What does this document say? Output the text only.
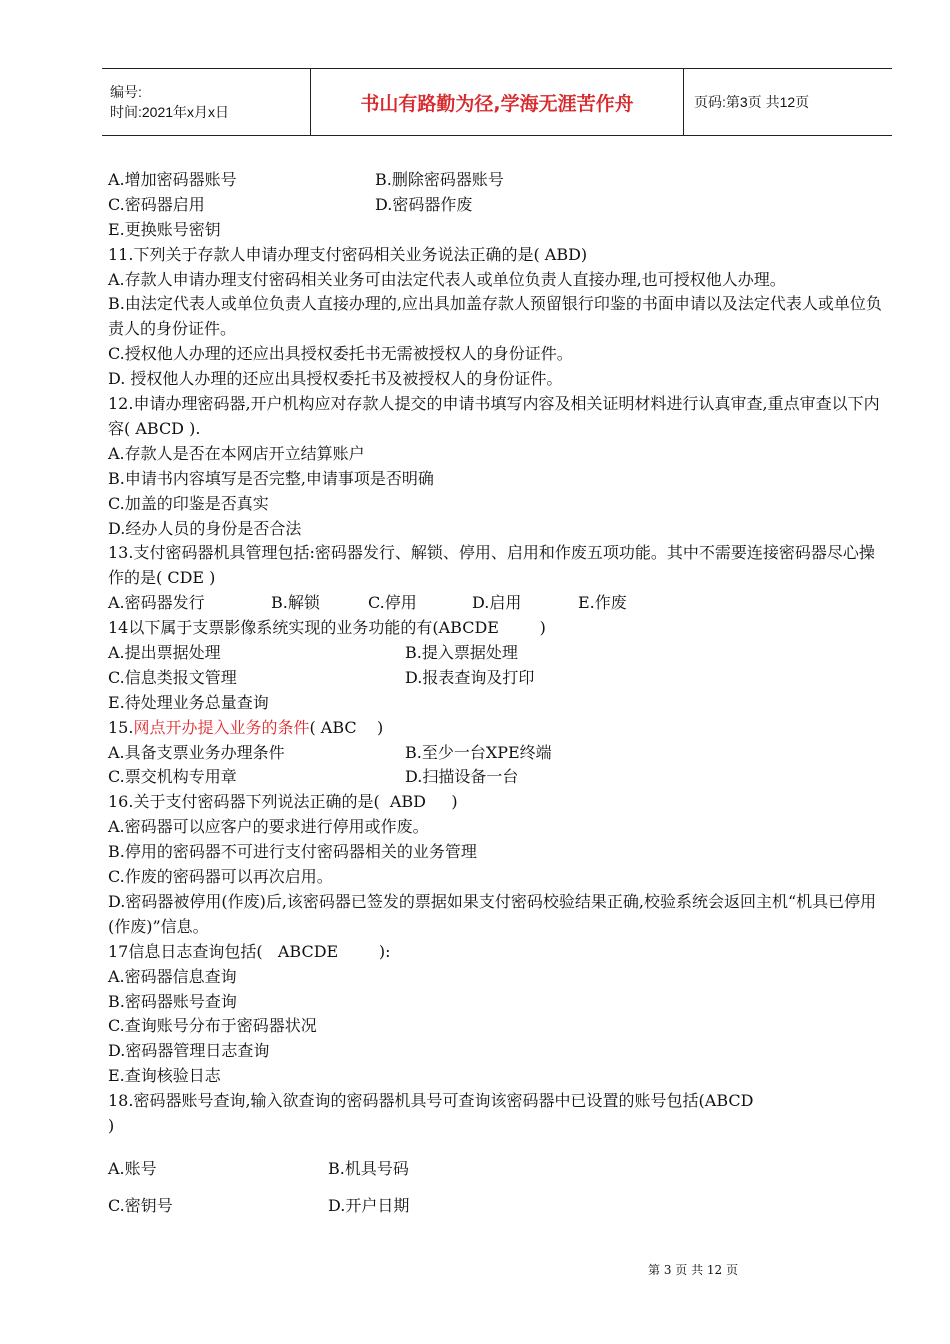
编号:
时间:2021年x月x日	书山有路勤为径,学海无涯苦作舟	页码:第3页 共12页
A.增加密码器账号	B.删除密码器账号
C.密码器启用	D.密码器作废
E.更换账号密钥
11.下列关于存款人申请办理支付密码相关业务说法正确的是( ABD)
A.存款人申请办理支付密码相关业务可由法定代表人或单位负责人直接办理,也可授权他人办理。
B.由法定代表人或单位负责人直接办理的,应出具加盖存款人预留银行印鉴的书面申请以及法定代表人或单位负责人的身份证件。
C.授权他人办理的还应出具授权委托书无需被授权人的身份证件。
D. 授权他人办理的还应出具授权委托书及被授权人的身份证件。
12.申请办理密码器,开户机构应对存款人提交的申请书填写内容及相关证明材料进行认真审查,重点审查以下内容( ABCD ).
A.存款人是否在本网店开立结算账户
B.申请书内容填写是否完整,申请事项是否明确
C.加盖的印鉴是否真实
D.经办人员的身份是否合法
13.支付密码器机具管理包括:密码器发行、解锁、停用、启用和作废五项功能。其中不需要连接密码器尽心操作的是( CDE )
A.密码器发行	B.解锁	C.停用	D.启用	E.作废
14以下属于支票影像系统实现的业务功能的有(ABCDE        )
A.提出票据处理	B.提入票据处理
C.信息类报文管理	D.报表查询及打印
E.待处理业务总量查询
15.网点开办提入业务的条件( ABC    )
A.具备支票业务办理条件	B.至少一台XPE终端
C.票交机构专用章	D.扫描设备一台
16.关于支付密码器下列说法正确的是(  ABD     )
A.密码器可以应客户的要求进行停用或作废。
B.停用的密码器不可进行支付密码器相关的业务管理
C.作废的密码器可以再次启用。
D.密码器被停用(作废)后,该密码器已签发的票据如果支付密码校验结果正确,校验系统会返回主机“机具已停用(作废)”信息。
17信息日志查询包括(   ABCDE        ):
A.密码器信息查询
B.密码器账号查询
C.查询账号分布于密码器状况
D.密码器管理日志查询
E.查询核验日志
18.密码器账号查询,输入欲查询的密码器机具号可查询该密码器中已设置的账号包括(ABCD
)
A.账号	B.机具号码
C.密钥号	D.开户日期

第 3 页 共 12 页
